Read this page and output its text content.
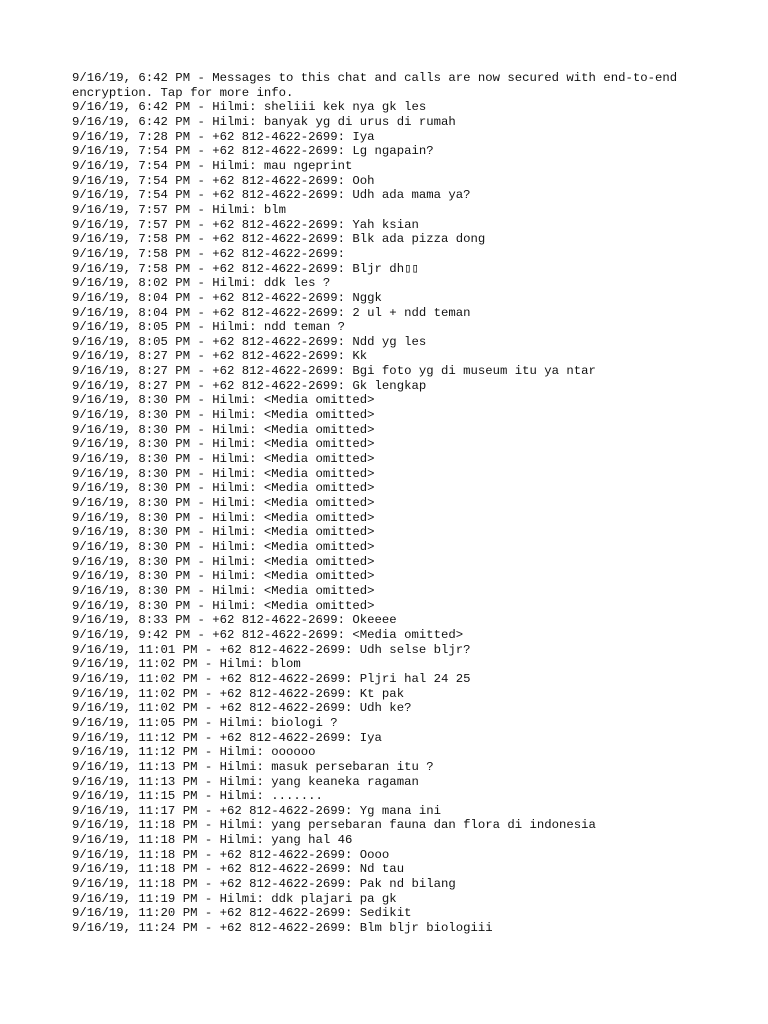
9/16/19, 6:42 PM - Messages to this chat and calls are now secured with end-to-end
encryption. Tap for more info.
9/16/19, 6:42 PM - Hilmi: sheliii kek nya gk les
9/16/19, 6:42 PM - Hilmi: banyak yg di urus di rumah
9/16/19, 7:28 PM - +62 812-4622-2699: Iya
9/16/19, 7:54 PM - +62 812-4622-2699: Lg ngapain?
9/16/19, 7:54 PM - Hilmi: mau ngeprint
9/16/19, 7:54 PM - +62 812-4622-2699: Ooh
9/16/19, 7:54 PM - +62 812-4622-2699: Udh ada mama ya?
9/16/19, 7:57 PM - Hilmi: blm
9/16/19, 7:57 PM - +62 812-4622-2699: Yah ksian
9/16/19, 7:58 PM - +62 812-4622-2699: Blk ada pizza dong
9/16/19, 7:58 PM - +62 812-4622-2699:
9/16/19, 7:58 PM - +62 812-4622-2699: Bljr dh▯▯
9/16/19, 8:02 PM - Hilmi: ddk les ?
9/16/19, 8:04 PM - +62 812-4622-2699: Nggk
9/16/19, 8:04 PM - +62 812-4622-2699: 2 ul + ndd teman
9/16/19, 8:05 PM - Hilmi: ndd teman ?
9/16/19, 8:05 PM - +62 812-4622-2699: Ndd yg les
9/16/19, 8:27 PM - +62 812-4622-2699: Kk
9/16/19, 8:27 PM - +62 812-4622-2699: Bgi foto yg di museum itu ya ntar
9/16/19, 8:27 PM - +62 812-4622-2699: Gk lengkap
9/16/19, 8:30 PM - Hilmi: <Media omitted>
9/16/19, 8:30 PM - Hilmi: <Media omitted>
9/16/19, 8:30 PM - Hilmi: <Media omitted>
9/16/19, 8:30 PM - Hilmi: <Media omitted>
9/16/19, 8:30 PM - Hilmi: <Media omitted>
9/16/19, 8:30 PM - Hilmi: <Media omitted>
9/16/19, 8:30 PM - Hilmi: <Media omitted>
9/16/19, 8:30 PM - Hilmi: <Media omitted>
9/16/19, 8:30 PM - Hilmi: <Media omitted>
9/16/19, 8:30 PM - Hilmi: <Media omitted>
9/16/19, 8:30 PM - Hilmi: <Media omitted>
9/16/19, 8:30 PM - Hilmi: <Media omitted>
9/16/19, 8:30 PM - Hilmi: <Media omitted>
9/16/19, 8:30 PM - Hilmi: <Media omitted>
9/16/19, 8:30 PM - Hilmi: <Media omitted>
9/16/19, 8:33 PM - +62 812-4622-2699: Okeeee
9/16/19, 9:42 PM - +62 812-4622-2699: <Media omitted>
9/16/19, 11:01 PM - +62 812-4622-2699: Udh selse bljr?
9/16/19, 11:02 PM - Hilmi: blom
9/16/19, 11:02 PM - +62 812-4622-2699: Pljri hal 24 25
9/16/19, 11:02 PM - +62 812-4622-2699: Kt pak
9/16/19, 11:02 PM - +62 812-4622-2699: Udh ke?
9/16/19, 11:05 PM - Hilmi: biologi ?
9/16/19, 11:12 PM - +62 812-4622-2699: Iya
9/16/19, 11:12 PM - Hilmi: oooooo
9/16/19, 11:13 PM - Hilmi: masuk persebaran itu ?
9/16/19, 11:13 PM - Hilmi: yang keaneka ragaman
9/16/19, 11:15 PM - Hilmi: .......
9/16/19, 11:17 PM - +62 812-4622-2699: Yg mana ini
9/16/19, 11:18 PM - Hilmi: yang persebaran fauna dan flora di indonesia
9/16/19, 11:18 PM - Hilmi: yang hal 46
9/16/19, 11:18 PM - +62 812-4622-2699: Oooo
9/16/19, 11:18 PM - +62 812-4622-2699: Nd tau
9/16/19, 11:18 PM - +62 812-4622-2699: Pak nd bilang
9/16/19, 11:19 PM - Hilmi: ddk plajari pa gk
9/16/19, 11:20 PM - +62 812-4622-2699: Sedikit
9/16/19, 11:24 PM - +62 812-4622-2699: Blm bljr biologiii
